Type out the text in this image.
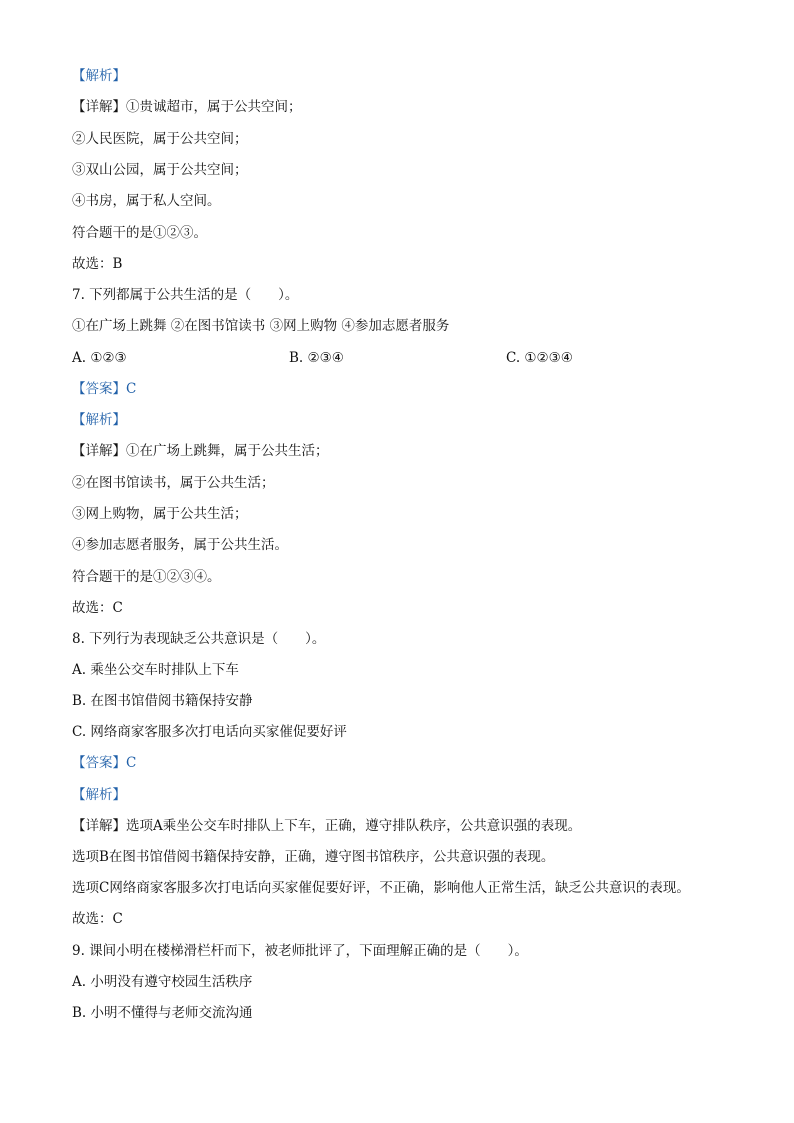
【解析】
【详解】①贵诚超市，属于公共空间；
②人民医院，属于公共空间；
③双山公园，属于公共空间；
④书房，属于私人空间。
符合题干的是①②③。
故选：B
7. 下列都属于公共生活的是（　　）。
①在广场上跳舞 ②在图书馆读书 ③网上购物 ④参加志愿者服务
A. ①②③	B. ②③④	C. ①②③④
【答案】C
【解析】
【详解】①在广场上跳舞，属于公共生活；
②在图书馆读书，属于公共生活；
③网上购物，属于公共生活；
④参加志愿者服务，属于公共生活。
符合题干的是①②③④。
故选：C
8. 下列行为表现缺乏公共意识是（　　）。
A. 乘坐公交车时排队上下车
B. 在图书馆借阅书籍保持安静
C. 网络商家客服多次打电话向买家催促要好评
【答案】C
【解析】
【详解】选项A乘坐公交车时排队上下车，正确，遵守排队秩序，公共意识强的表现。
选项B在图书馆借阅书籍保持安静，正确，遵守图书馆秩序，公共意识强的表现。
选项C网络商家客服多次打电话向买家催促要好评，不正确，影响他人正常生活，缺乏公共意识的表现。
故选：C
9. 课间小明在楼梯滑栏杆而下，被老师批评了，下面理解正确的是（　　）。
A. 小明没有遵守校园生活秩序
B. 小明不懂得与老师交流沟通
